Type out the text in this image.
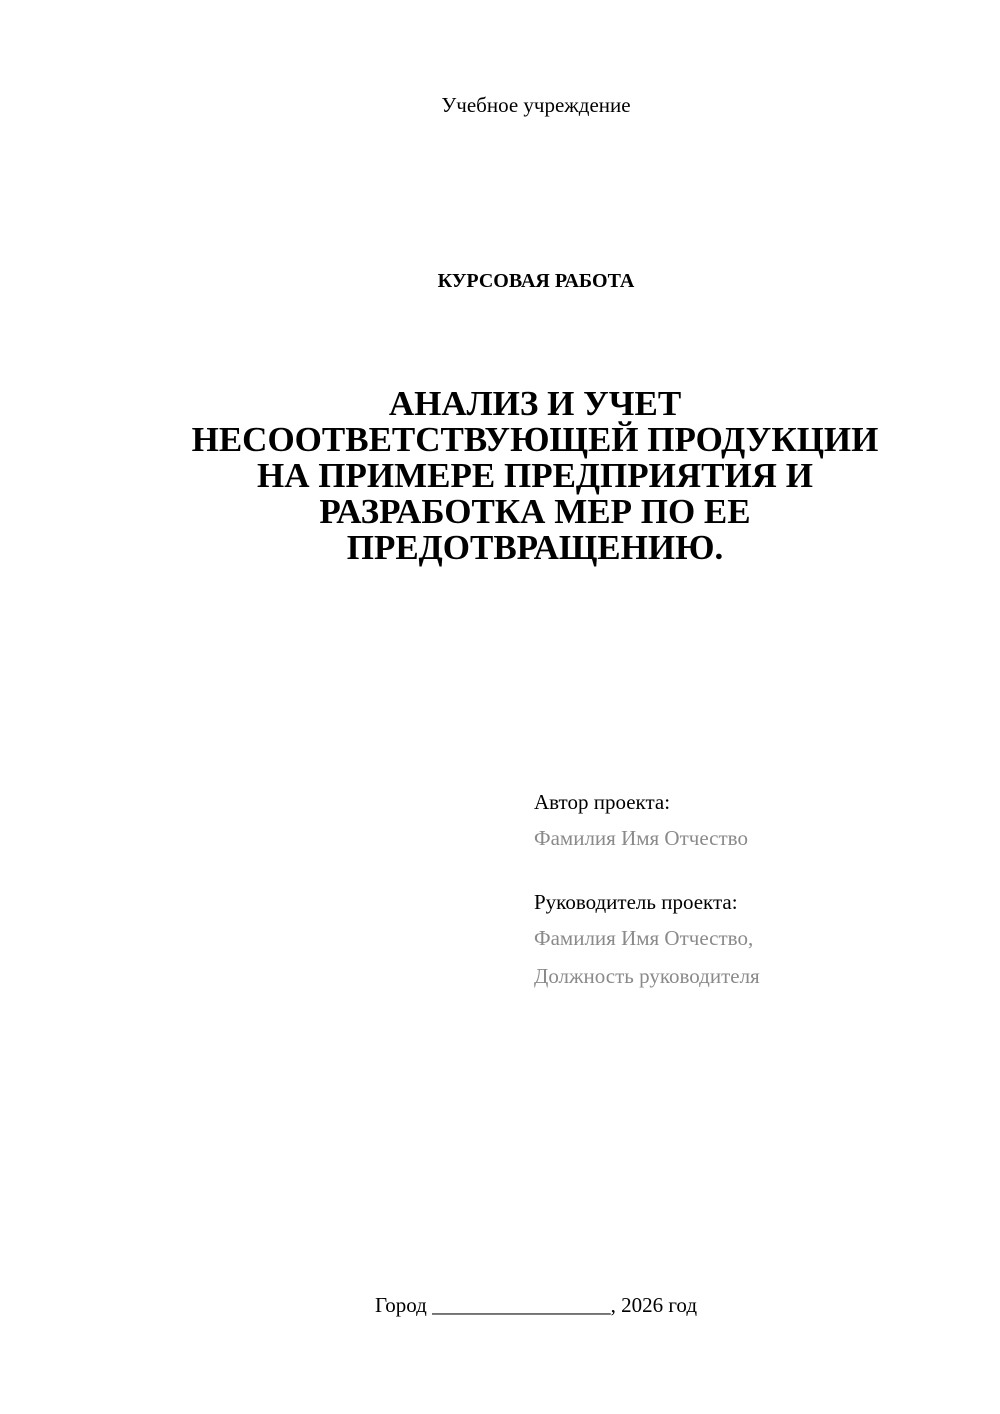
Учебное учреждение
КУРСОВАЯ РАБОТА
АНАЛИЗ И УЧЕТ
НЕСООТВЕТСТВУЮЩЕЙ ПРОДУКЦИИ
НА ПРИМЕРЕ ПРЕДПРИЯТИЯ И
РАЗРАБОТКА МЕР ПО ЕЕ
ПРЕДОТВРАЩЕНИЮ.
Автор проекта:
Фамилия Имя Отчество
Руководитель проекта:
Фамилия Имя Отчество,
Должность руководителя
Город _________________, 2026 год
